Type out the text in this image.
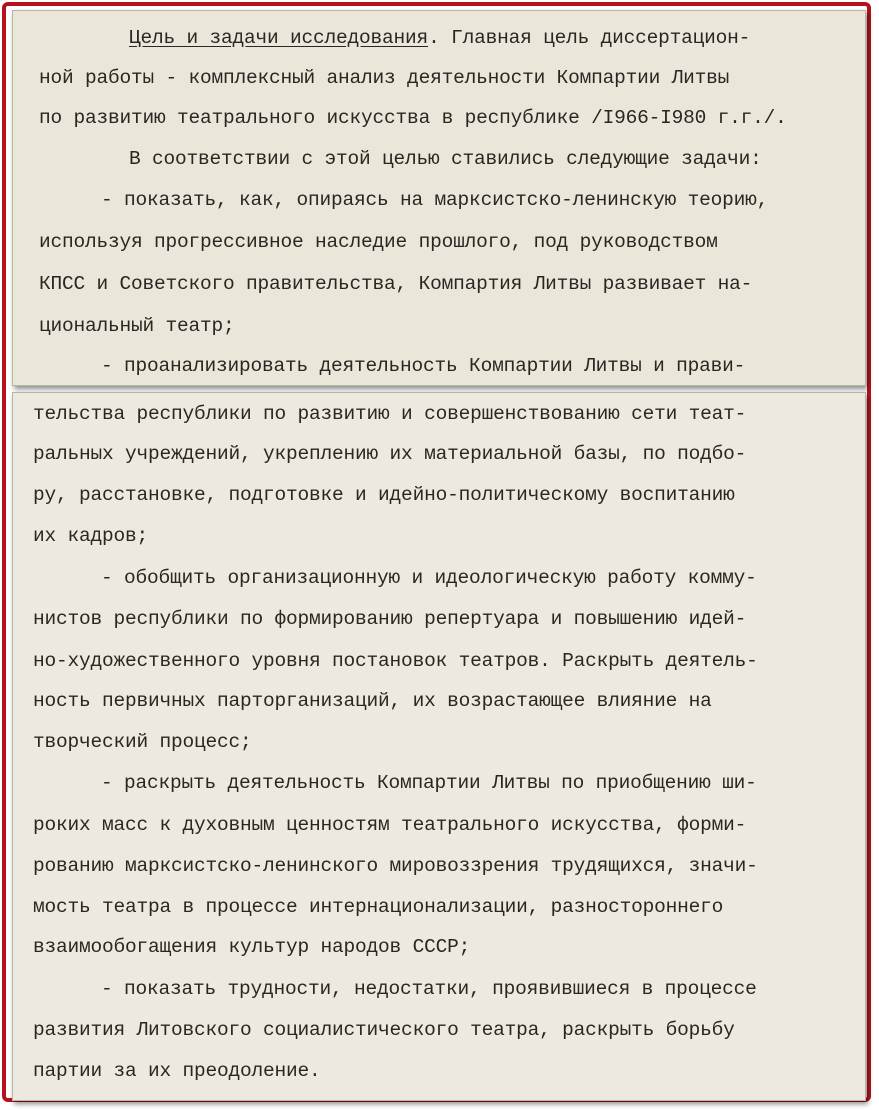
Цель и задачи исследования. Главная цель диссертацион-
ной работы - комплексный анализ деятельности Компартии Литвы
по развитию театрального искусства в республике /I966-I980 г.г./.
В соответствии с этой целью ставились следующие задачи:
- показать, как, опираясь на марксистско-ленинскую теорию,
используя прогрессивное наследие прошлого, под руководством
КПСС и Советского правительства, Компартия Литвы развивает на-
циональный театр;
- проанализировать деятельность Компартии Литвы и прави-
тельства республики по развитию и совершенствованию сети теат-
ральных учреждений, укреплению их материальной базы, по подбо-
ру, расстановке, подготовке и идейно-политическому воспитанию
их кадров;
- обобщить организационную и идеологическую работу комму-
нистов республики по формированию репертуара и повышению идей-
но-художественного уровня постановок театров. Раскрыть деятель-
ность первичных парторганизаций, их возрастающее влияние на
творческий процесс;
- раскрыть деятельность Компартии Литвы по приобщению ши-
роких масс к духовным ценностям театрального искусства, форми-
рованию марксистско-ленинского мировоззрения трудящихся, значи-
мость театра в процессе интернационализации, разностороннего
взаимообогащения культур народов СССР;
- показать трудности, недостатки, проявившиеся в процессе
развития Литовского социалистического театра, раскрыть борьбу
партии за их преодоление.
